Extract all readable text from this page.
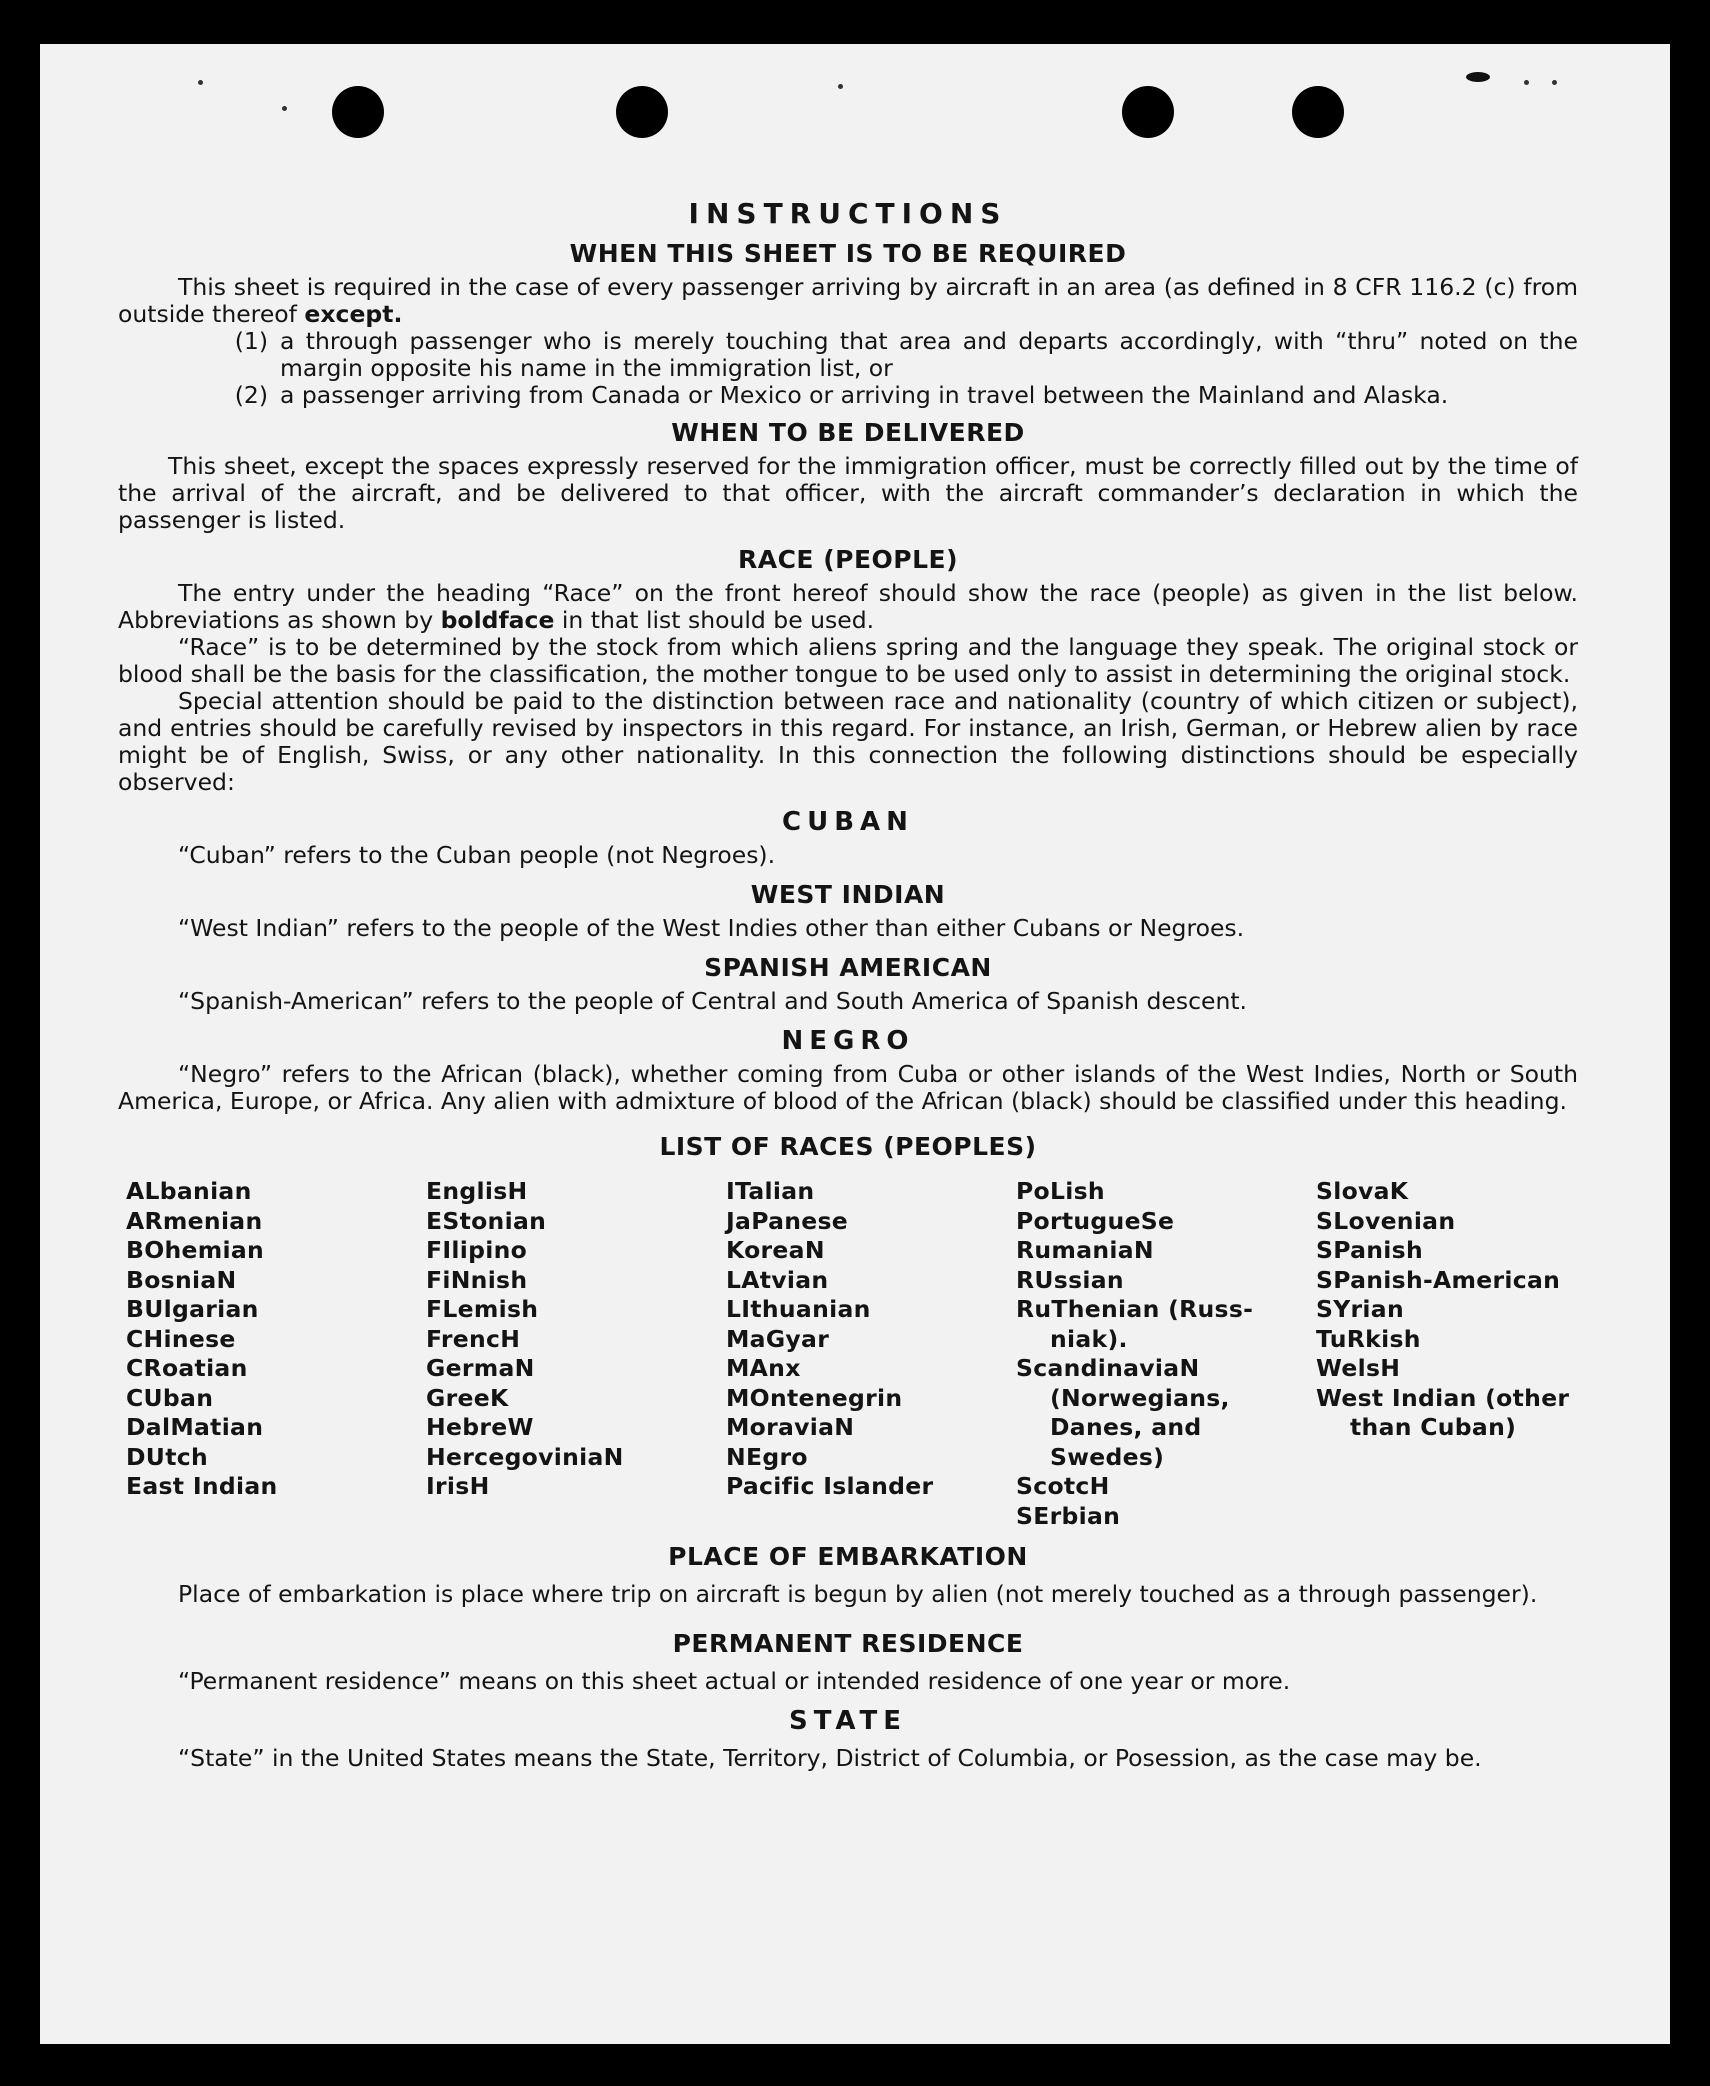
INSTRUCTIONS
WHEN THIS SHEET IS TO BE REQUIRED

This sheet is required in the case of every passenger arriving by aircraft in an area (as defined in 8 CFR 116.2 (c) from outside thereof except.

(1) a through passenger who is merely touching that area and departs accordingly, with “thru” noted on the margin opposite his name in the immigration list, or
(2) a passenger arriving from Canada or Mexico or arriving in travel between the Mainland and Alaska.
WHEN TO BE DELIVERED

This sheet, except the spaces expressly reserved for the immigration officer, must be correctly filled out by the time of the arrival of the aircraft, and be delivered to that officer, with the aircraft commander’s declaration in which the passenger is listed.

RACE (PEOPLE)

The entry under the heading “Race” on the front hereof should show the race (people) as given in the list below. Abbreviations as shown by boldface in that list should be used.

“Race” is to be determined by the stock from which aliens spring and the language they speak. The original stock or blood shall be the basis for the classification, the mother tongue to be used only to assist in determining the original stock.

Special attention should be paid to the distinction between race and nationality (country of which citizen or subject), and entries should be carefully revised by inspectors in this regard. For instance, an Irish, German, or Hebrew alien by race might be of English, Swiss, or any other nationality. In this connection the following distinctions should be especially observed:

CUBAN

“Cuban” refers to the Cuban people (not Negroes).

WEST INDIAN

“West Indian” refers to the people of the West Indies other than either Cubans or Negroes.

SPANISH AMERICAN

“Spanish-American” refers to the people of Central and South America of Spanish descent.

NEGRO

“Negro” refers to the African (black), whether coming from Cuba or other islands of the West Indies, North or South America, Europe, or Africa. Any alien with admixture of blood of the African (black) should be classified under this heading.

LIST OF RACES (PEOPLES)
ALbanian
ARmenian
BOhemian
BosniaN
BUlgarian
CHinese
CRoatian
CUban
DalMatian
DUtch
East Indian
EnglisH
EStonian
FIlipino
FiNnish
FLemish
FrencH
GermaN
GreeK
HebreW
HercegoviniaN
IrisH
ITalian
JaPanese
KoreaN
LAtvian
LIthuanian
MaGyar
MAnx
MOntenegrin
MoraviaN
NEgro
Pacific Islander
PoLish
PortugueSe
RumaniaN
RUssian
RuThenian (Russ-
niak).
ScandinaviaN
(Norwegians,
Danes, and
Swedes)
ScotcH
SErbian
SlovaK
SLovenian
SPanish
SPanish-American
SYrian
TuRkish
WelsH
West Indian (other
than Cuban)
PLACE OF EMBARKATION

Place of embarkation is place where trip on aircraft is begun by alien (not merely touched as a through passenger).

PERMANENT RESIDENCE

“Permanent residence” means on this sheet actual or intended residence of one year or more.

STATE

“State” in the United States means the State, Territory, District of Columbia, or Posession, as the case may be.
